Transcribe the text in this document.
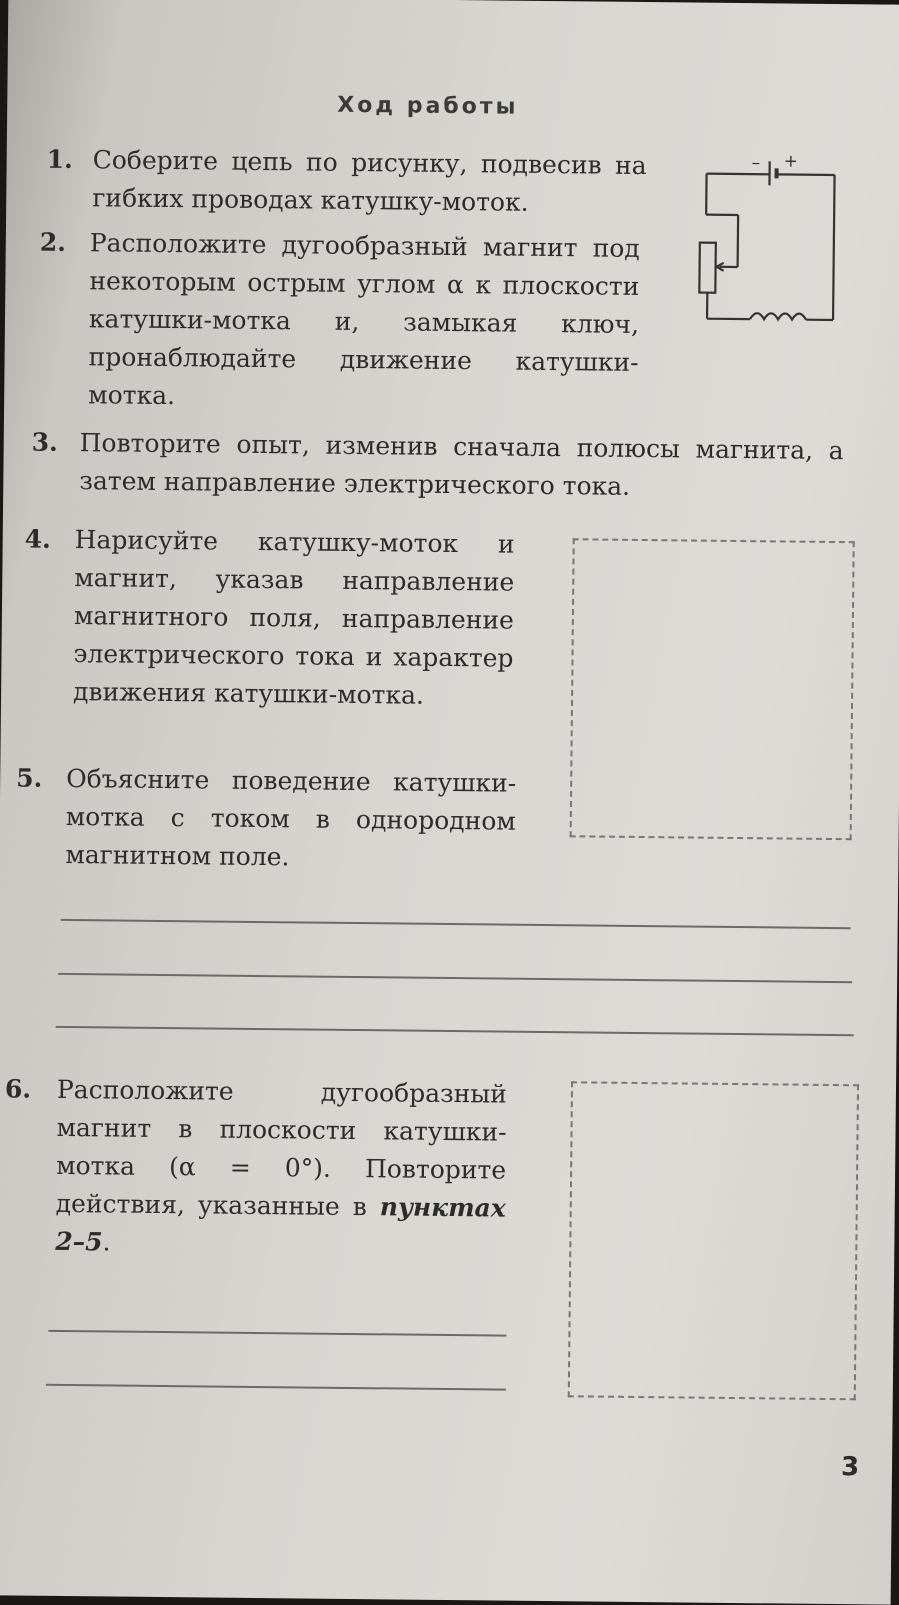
Ход работы
– +
1. Соберите цепь по рисунку, подвесив на гибких проводах катушку-моток.
2. Расположите дугообразный магнит под некоторым острым углом α к плоскости катушки-мотка и, замыкая ключ, пронаблюдайте движение катушки-мотка.
3. Повторите опыт, изменив сначала полюсы магнита, а затем направление электрического тока.
4. Нарисуйте катушку-моток и магнит, указав направление магнитного поля, направление электрического тока и характер движения катушки-мотка.
5. Объясните поведение катушки-мотка с током в однородном магнитном поле.
6. Расположите дугообразный магнит в плоскости катушки-мотка (α = 0°). Повторите действия, указанные в пунктах 2–5.
3
